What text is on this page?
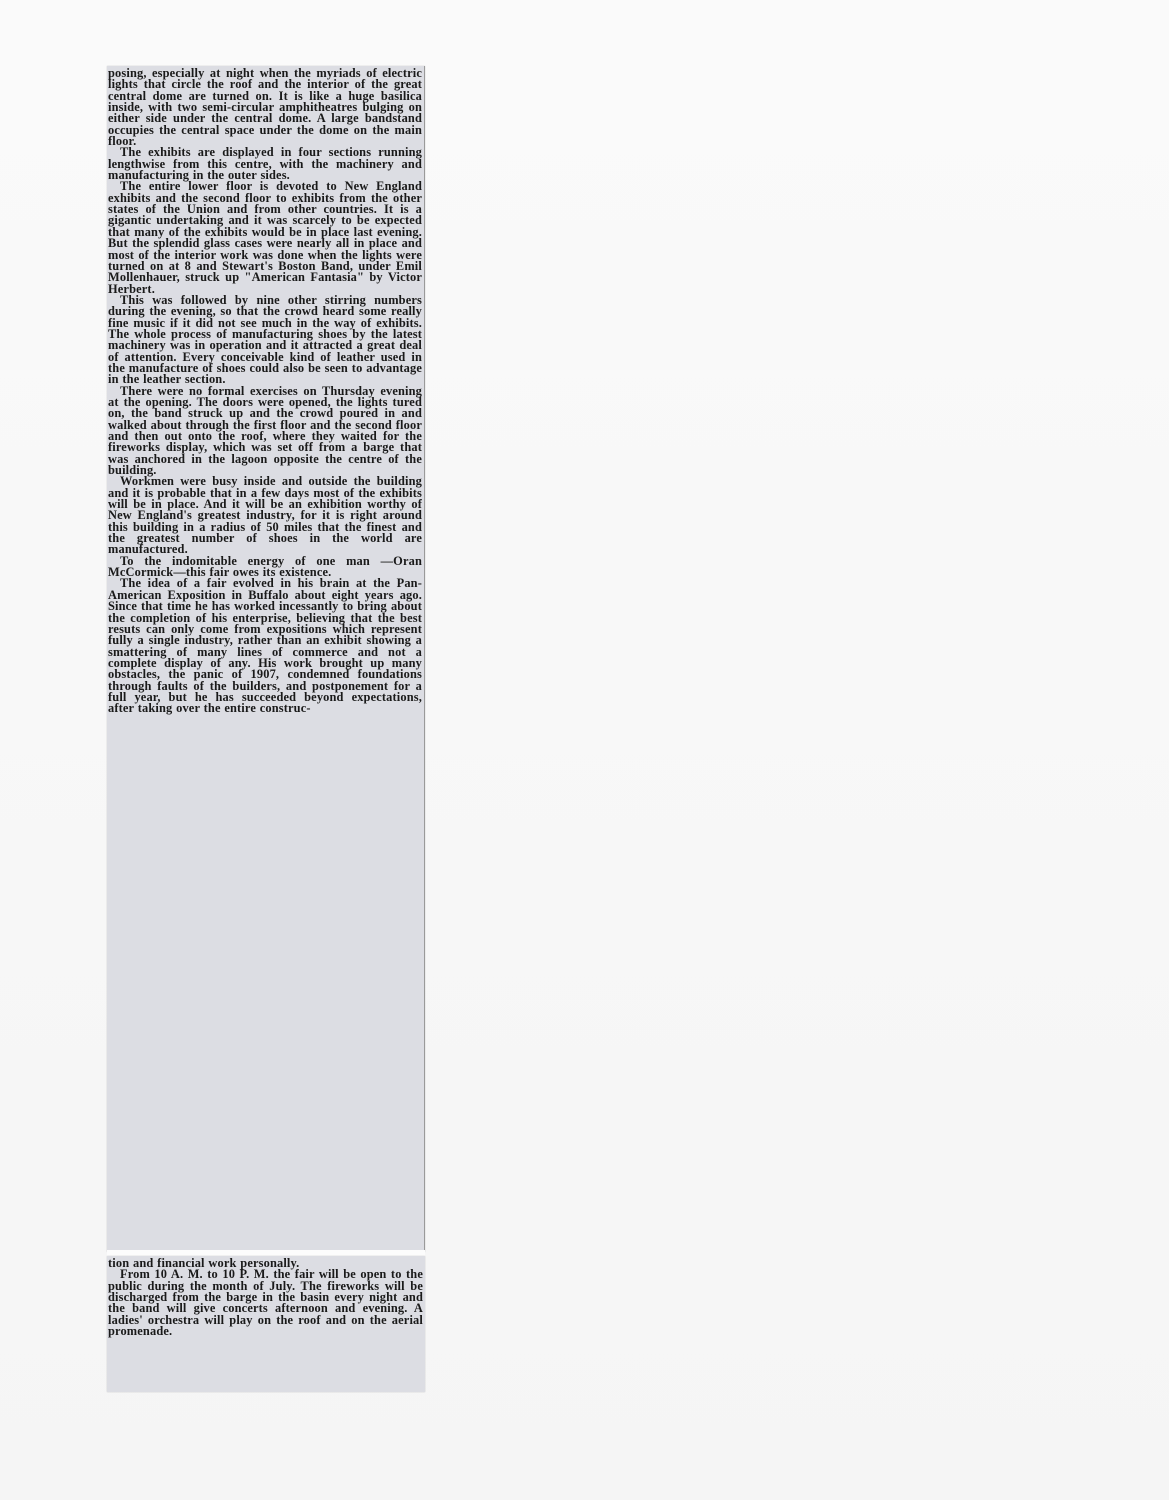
posing, especially at night when the myriads of electric lights that circle the roof and the interior of the great central dome are turned on. It is like a huge basilica inside, with two semi-circular amphitheatres bulging on either side under the central dome. A large bandstand occupies the central space under the dome on the main floor.

The exhibits are displayed in four sections running lengthwise from this centre, with the machinery and manufacturing in the outer sides.

The entire lower floor is devoted to New England exhibits and the second floor to exhibits from the other states of the Union and from other countries. It is a gigantic undertaking and it was scarcely to be expected that many of the exhibits would be in place last evening. But the splendid glass cases were nearly all in place and most of the interior work was done when the lights were turned on at 8 and Stewart's Boston Band, under Emil Mollenhauer, struck up "American Fantasia" by Victor Herbert.

This was followed by nine other stirring numbers during the evening, so that the crowd heard some really fine music if it did not see much in the way of exhibits. The whole process of manufacturing shoes by the latest machinery was in operation and it attracted a great deal of attention. Every conceivable kind of leather used in the manufacture of shoes could also be seen to advantage in the leather section.

There were no formal exercises on Thursday evening at the opening. The doors were opened, the lights tured on, the band struck up and the crowd poured in and walked about through the first floor and the second floor and then out onto the roof, where they waited for the fireworks display, which was set off from a barge that was anchored in the lagoon opposite the centre of the building.

Workmen were busy inside and outside the building and it is probable that in a few days most of the exhibits will be in place. And it will be an exhibition worthy of New England's greatest industry, for it is right around this building in a radius of 50 miles that the finest and the greatest number of shoes in the world are manufactured.

To the indomitable energy of one man —Oran McCormick—this fair owes its existence.

The idea of a fair evolved in his brain at the Pan-American Exposition in Buffalo about eight years ago. Since that time he has worked incessantly to bring about the completion of his enterprise, believing that the best resuts can only come from expositions which represent fully a single industry, rather than an exhibit showing a smattering of many lines of commerce and not a complete display of any. His work brought up many obstacles, the panic of 1907, condemned foundations through faults of the builders, and postponement for a full year, but he has succeeded beyond expectations, after taking over the entire construc-

tion and financial work personally.

From 10 A. M. to 10 P. M. the fair will be open to the public during the month of July. The fireworks will be discharged from the barge in the basin every night and the band will give concerts afternoon and evening. A ladies' orchestra will play on the roof and on the aerial promenade.
